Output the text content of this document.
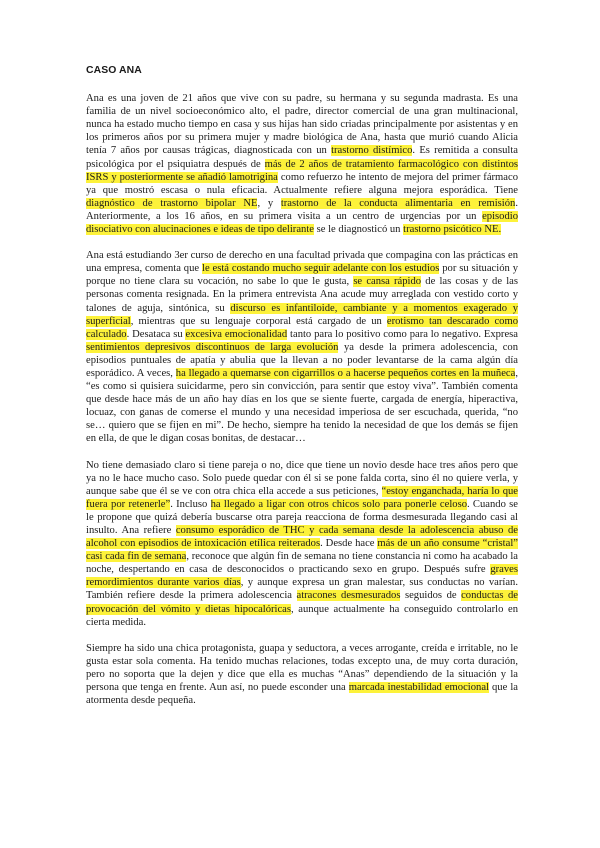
CASO ANA

Ana es una joven de 21 años que vive con su padre, su hermana y su segunda madrasta. Es una familia de un nivel socioeconómico alto, el padre, director comercial de una gran multinacional, nunca ha estado mucho tiempo en casa y sus hijas han sido criadas principalmente por asistentas y en los primeros años por su primera mujer y madre biológica de Ana, hasta que murió cuando Alicia tenía 7 años por causas trágicas, diagnosticada con un trastorno distímico. Es remitida a consulta psicológica por el psiquiatra después de más de 2 años de tratamiento farmacológico con distintos ISRS y posteriormente se añadió lamotrigina como refuerzo he intento de mejora del primer fármaco ya que mostró escasa o nula eficacia. Actualmente refiere alguna mejora esporádica. Tiene diagnóstico de trastorno bipolar NE, y trastorno de la conducta alimentaria en remisión. Anteriormente, a los 16 años, en su primera visita a un centro de urgencias por un episodio disociativo con alucinaciones e ideas de tipo delirante se le diagnosticó un trastorno psicótico NE.

Ana está estudiando 3er curso de derecho en una facultad privada que compagina con las prácticas en una empresa, comenta que le está costando mucho seguir adelante con los estudios por su situación y porque no tiene clara su vocación, no sabe lo que le gusta, se cansa rápido de las cosas y de las personas comenta resignada. En la primera entrevista Ana acude muy arreglada con vestido corto y talones de aguja, sintónica, su discurso es infantiloide, cambiante y a momentos exagerado y superficial, mientras que su lenguaje corporal está cargado de un erotismo tan descarado como calculado. Desataca su excesiva emocionalidad tanto para lo positivo como para lo negativo. Expresa sentimientos depresivos discontinuos de larga evolución ya desde la primera adolescencia, con episodios puntuales de apatía y abulia que la llevan a no poder levantarse de la cama algún día esporádico. A veces, ha llegado a quemarse con cigarrillos o a hacerse pequeños cortes en la muñeca, “es como si quisiera suicidarme, pero sin convicción, para sentir que estoy viva”. También comenta que desde hace más de un año hay días en los que se siente fuerte, cargada de energía, hiperactiva, locuaz, con ganas de comerse el mundo y una necesidad imperiosa de ser escuchada, querida, “no se… quiero que se fijen en mi”. De hecho, siempre ha tenido la necesidad de que los demás se fijen en ella, de que le digan cosas bonitas, de destacar…

No tiene demasiado claro si tiene pareja o no, dice que tiene un novio desde hace tres años pero que ya no le hace mucho caso. Solo puede quedar con él si se pone falda corta, sino él no quiere verla, y aunque sabe que él se ve con otra chica ella accede a sus peticiones, “estoy enganchada, haría lo que fuera por retenerle”. Incluso ha llegado a ligar con otros chicos solo para ponerle celoso. Cuando se le propone que quizá debería buscarse otra pareja reacciona de forma desmesurada llegando casi al insulto. Ana refiere consumo esporádico de THC y cada semana desde la adolescencia abuso de alcohol con episodios de intoxicación etílica reiterados. Desde hace más de un año consume “cristal” casi cada fin de semana, reconoce que algún fin de semana no tiene constancia ni como ha acabado la noche, despertando en casa de desconocidos o practicando sexo en grupo. Después sufre graves remordimientos durante varios días, y aunque expresa un gran malestar, sus conductas no varían. También refiere desde la primera adolescencia atracones desmesurados seguidos de conductas de provocación del vómito y dietas hipocalóricas, aunque actualmente ha conseguido controlarlo en cierta medida.

Siempre ha sido una chica protagonista, guapa y seductora, a veces arrogante, creída e irritable, no le gusta estar sola comenta. Ha tenido muchas relaciones, todas excepto una, de muy corta duración, pero no soporta que la dejen y dice que ella es muchas “Anas” dependiendo de la situación y la persona que tenga en frente. Aun así, no puede esconder una marcada inestabilidad emocional que la atormenta desde pequeña.
